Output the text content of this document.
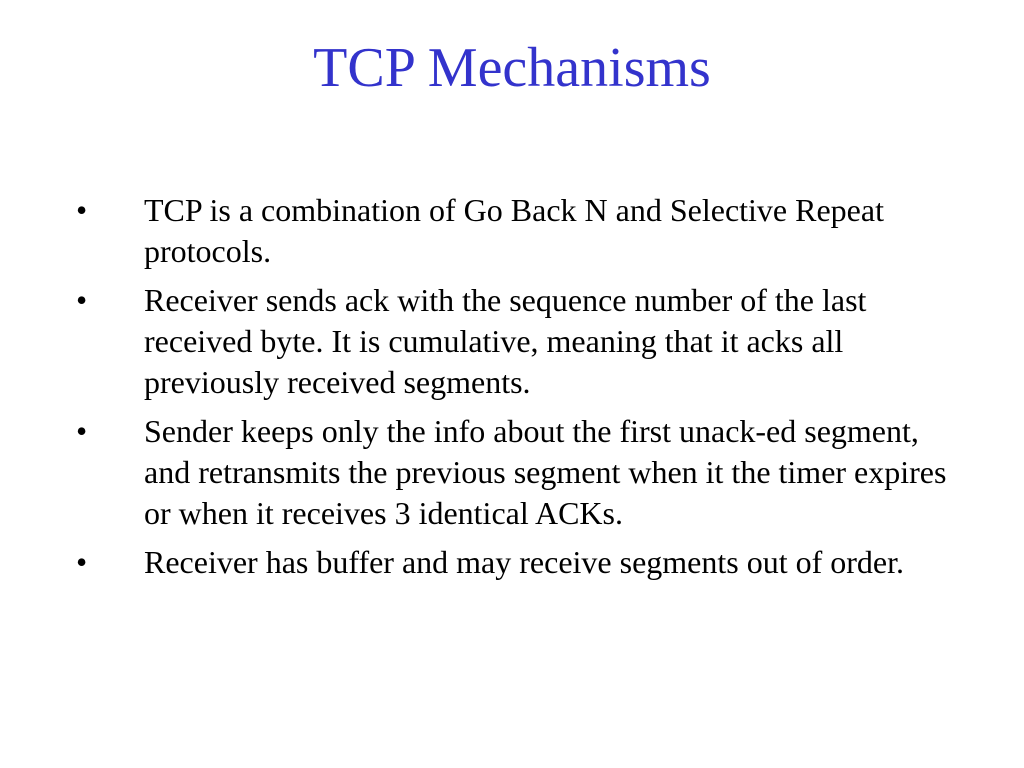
TCP Mechanisms
•	TCP is a combination of Go Back N and Selective Repeat protocols.
•	Receiver sends ack with the sequence number of the last received byte. It is cumulative, meaning that it acks all previously received segments.
•	Sender keeps only the info about the first unack-ed segment, and retransmits the previous segment when it the timer expires or when it receives 3 identical ACKs.
•	Receiver has buffer and may receive segments out of order.
